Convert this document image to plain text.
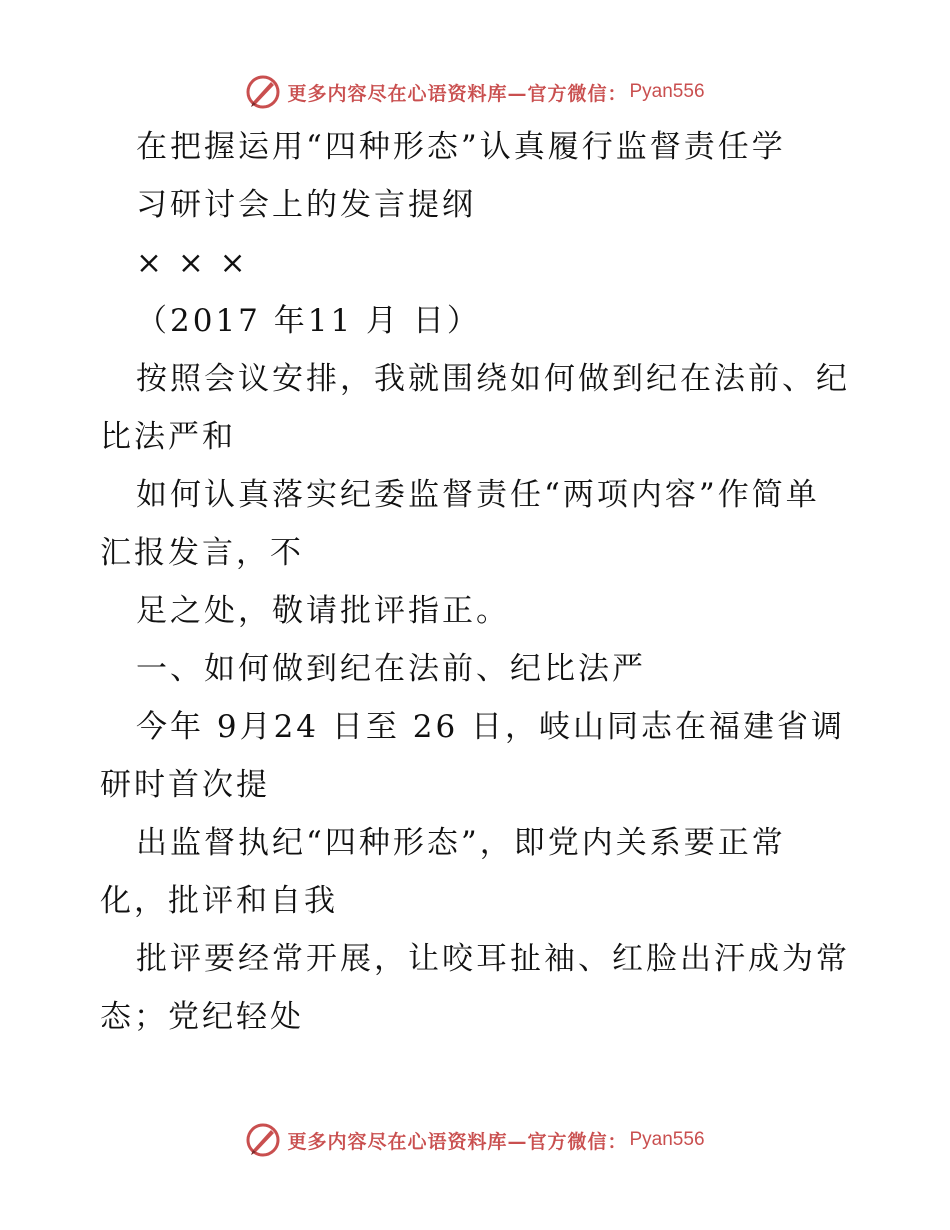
更多内容尽在心语资料库—官方微信： Pyan556
在把握运用“四种形态”认真履行监督责任学
习研讨会上的发言提纲
× × ×
（2017 年11 月 日）
按照会议安排，我就围绕如何做到纪在法前、纪
比法严和
如何认真落实纪委监督责任“两项内容”作简单
汇报发言，不
足之处，敬请批评指正。
一、如何做到纪在法前、纪比法严
今年 9月24 日至 26 日，岐山同志在福建省调
研时首次提
出监督执纪“四种形态”，即党内关系要正常
化，批评和自我
批评要经常开展，让咬耳扯袖、红脸出汗成为常
态；党纪轻处
更多内容尽在心语资料库—官方微信： Pyan556
